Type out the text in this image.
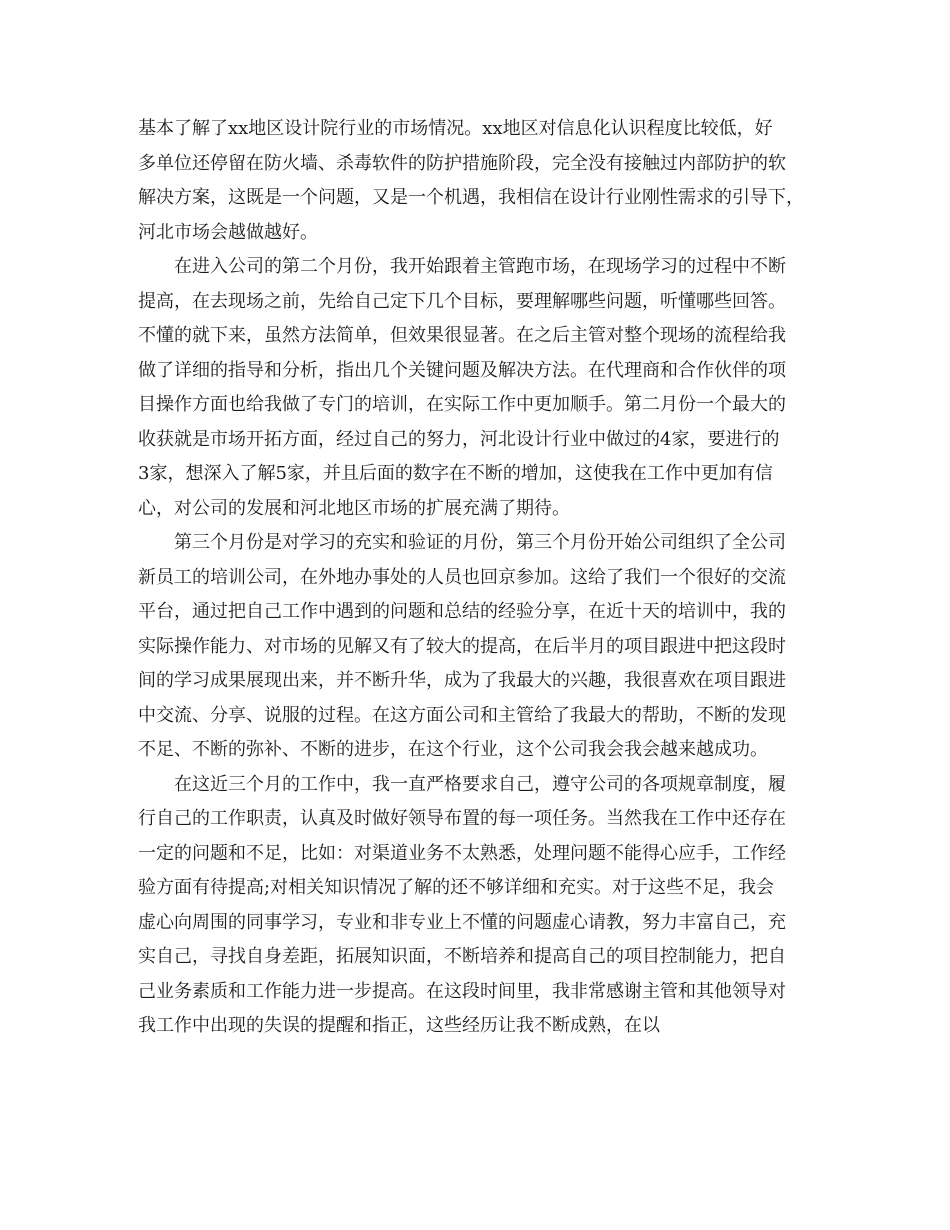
基本了解了xx地区设计院行业的市场情况。xx地区对信息化认识程度比较低，好
多单位还停留在防火墙、杀毒软件的防护措施阶段，完全没有接触过内部防护的软
解决方案，这既是一个问题，又是一个机遇，我相信在设计行业刚性需求的引导下，
河北市场会越做越好。
在进入公司的第二个月份，我开始跟着主管跑市场，在现场学习的过程中不断
提高，在去现场之前，先给自己定下几个目标，要理解哪些问题，听懂哪些回答。
不懂的就下来，虽然方法简单，但效果很显著。在之后主管对整个现场的流程给我
做了详细的指导和分析，指出几个关键问题及解决方法。在代理商和合作伙伴的项
目操作方面也给我做了专门的培训，在实际工作中更加顺手。第二月份一个最大的
收获就是市场开拓方面，经过自己的努力，河北设计行业中做过的4家，要进行的
3家，想深入了解5家，并且后面的数字在不断的增加，这使我在工作中更加有信
心，对公司的发展和河北地区市场的扩展充满了期待。
第三个月份是对学习的充实和验证的月份，第三个月份开始公司组织了全公司
新员工的培训公司，在外地办事处的人员也回京参加。这给了我们一个很好的交流
平台，通过把自己工作中遇到的问题和总结的经验分享，在近十天的培训中，我的
实际操作能力、对市场的见解又有了较大的提高，在后半月的项目跟进中把这段时
间的学习成果展现出来，并不断升华，成为了我最大的兴趣，我很喜欢在项目跟进
中交流、分享、说服的过程。在这方面公司和主管给了我最大的帮助，不断的发现
不足、不断的弥补、不断的进步，在这个行业，这个公司我会我会越来越成功。
在这近三个月的工作中，我一直严格要求自己，遵守公司的各项规章制度，履
行自己的工作职责，认真及时做好领导布置的每一项任务。当然我在工作中还存在
一定的问题和不足，比如：对渠道业务不太熟悉，处理问题不能得心应手，工作经
验方面有待提高;对相关知识情况了解的还不够详细和充实。对于这些不足，我会
虚心向周围的同事学习，专业和非专业上不懂的问题虚心请教，努力丰富自己，充
实自己，寻找自身差距，拓展知识面，不断培养和提高自己的项目控制能力，把自
己业务素质和工作能力进一步提高。在这段时间里，我非常感谢主管和其他领导对
我工作中出现的失误的提醒和指正，这些经历让我不断成熟，在以
